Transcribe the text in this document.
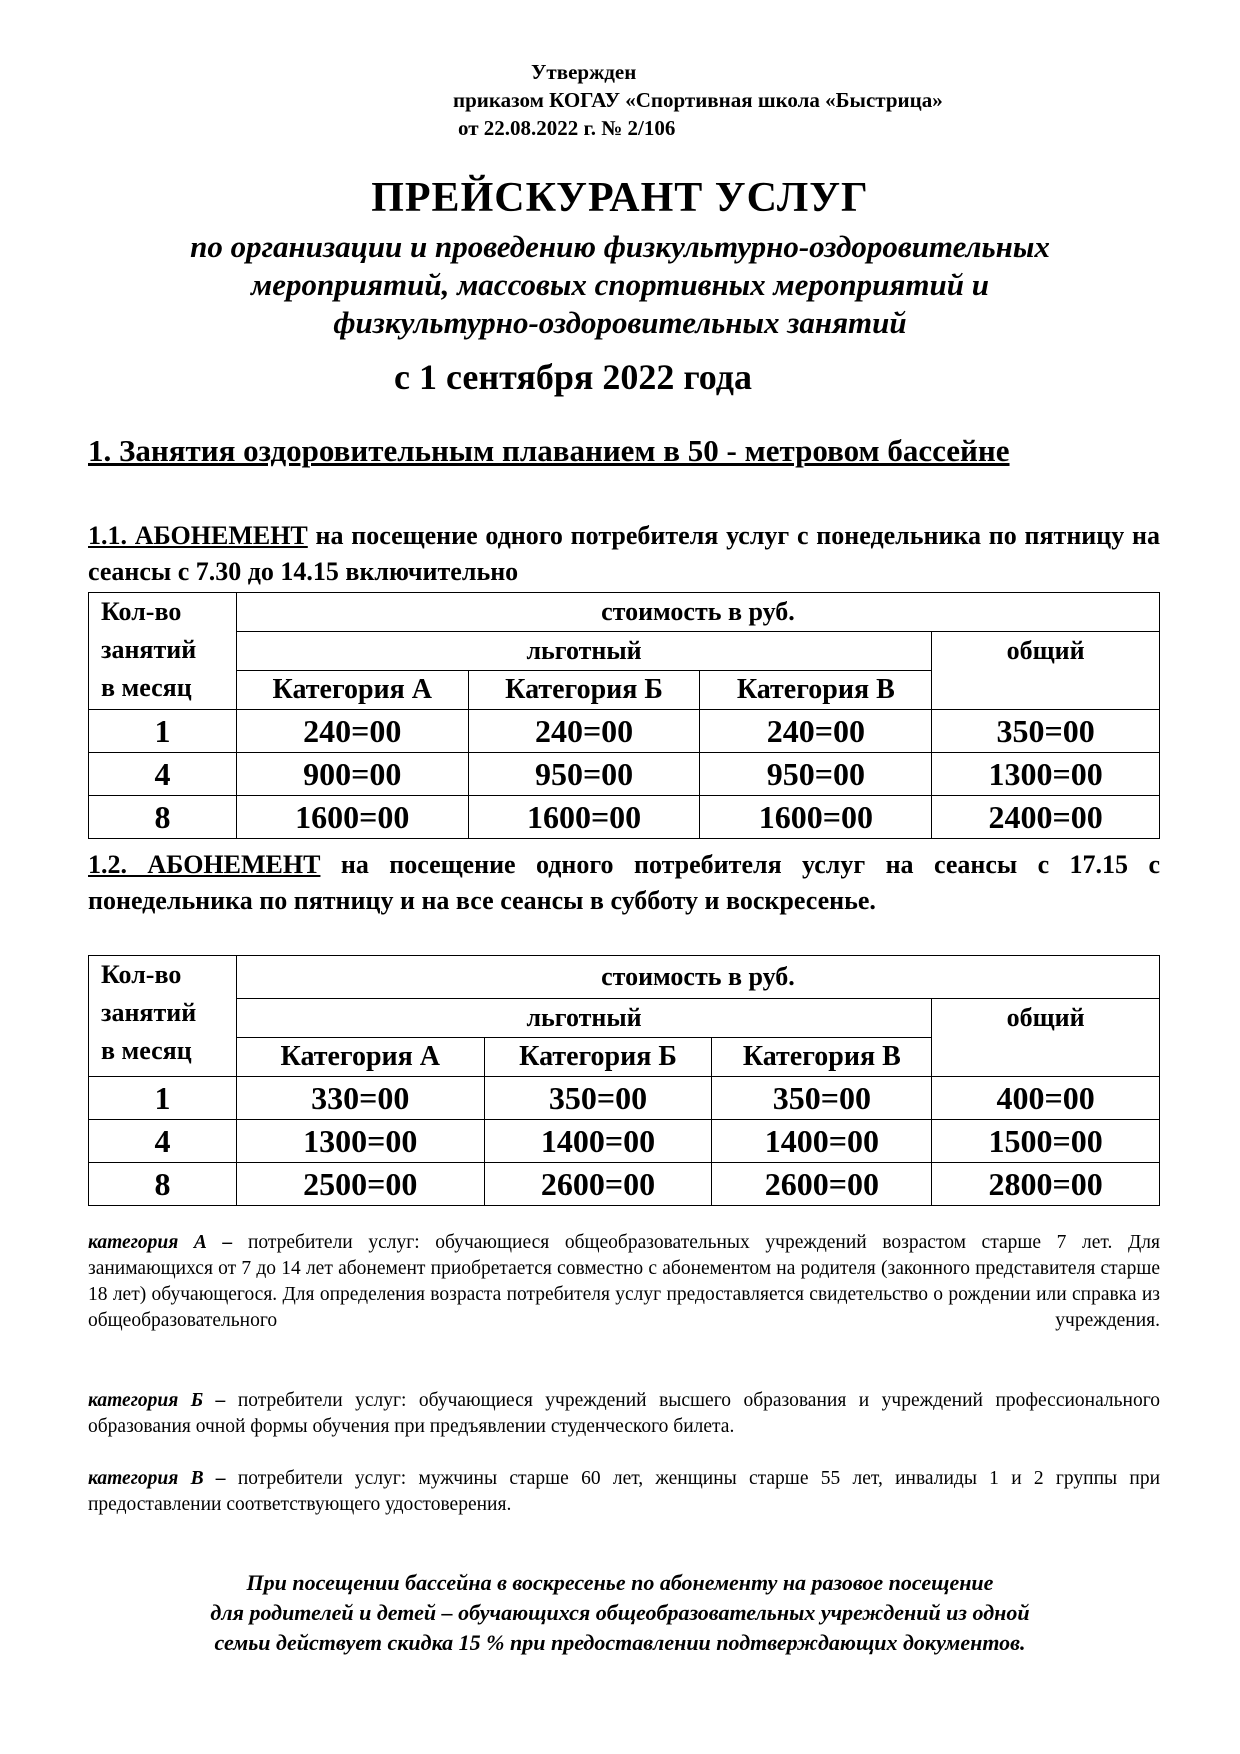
Утвержден
приказом КОГАУ «Спортивная школа «Быстрица»
от 22.08.2022 г. № 2/106
ПРЕЙСКУРАНТ УСЛУГ
по организации и проведению физкультурно-оздоровительных
мероприятий, массовых спортивных мероприятий и
физкультурно-оздоровительных занятий
с 1 сентября 2022 года
1. Занятия оздоровительным плаванием в 50 - метровом бассейне
1.1. АБОНЕМЕНТ на посещение одного потребителя услуг с понедельника по пятницу на сеансы с 7.30 до 14.15 включительно
Кол-во
занятий
в месяц	стоимость в руб.			
	льготный			общий
	Категория А	Категория Б	Категория В	
1	240=00	240=00	240=00	350=00
4	900=00	950=00	950=00	1300=00
8	1600=00	1600=00	1600=00	2400=00
1.2. АБОНЕМЕНТ на посещение одного потребителя услуг на сеансы с 17.15 с понедельника по пятницу и на все сеансы в субботу и воскресенье.
Кол-во
занятий
в месяц	стоимость в руб.			
	льготный			общий
	Категория А	Категория Б	Категория В	
1	330=00	350=00	350=00	400=00
4	1300=00	1400=00	1400=00	1500=00
8	2500=00	2600=00	2600=00	2800=00
категория А – потребители услуг: обучающиеся общеобразовательных учреждений возрастом старше 7 лет. Для занимающихся от 7 до 14 лет абонемент приобретается совместно с абонементом на родителя (законного представителя старше 18 лет) обучающегося. Для определения возраста потребителя услуг предоставляется свидетельство о рождении или справка из
общеобразовательного учреждения.
категория Б – потребители услуг: обучающиеся учреждений высшего образования и учреждений профессионального образования очной формы обучения при предъявлении студенческого билета.
категория В – потребители услуг: мужчины старше 60 лет, женщины старше 55 лет, инвалиды 1 и 2 группы при предоставлении соответствующего удостоверения.
При посещении бассейна в воскресенье по абонементу на разовое посещение
для родителей и детей – обучающихся общеобразовательных учреждений из одной
семьи действует скидка 15 % при предоставлении подтверждающих документов.
